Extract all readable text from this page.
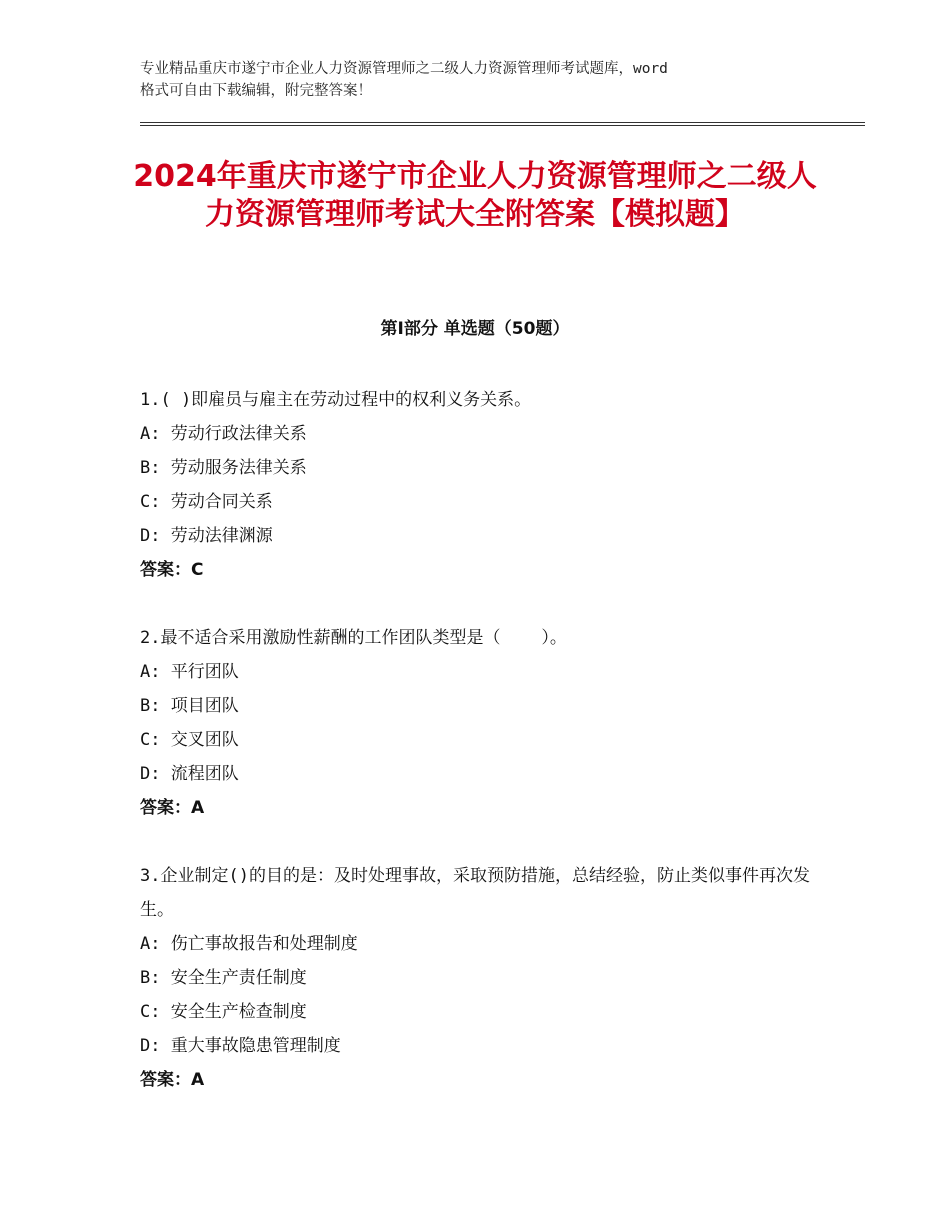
专业精品重庆市遂宁市企业人力资源管理师之二级人力资源管理师考试题库，word
格式可自由下载编辑，附完整答案！
2024年重庆市遂宁市企业人力资源管理师之二级人力资源管理师考试大全附答案【模拟题】
第Ⅰ部分 单选题（50题）
1.( )即雇员与雇主在劳动过程中的权利义务关系。
A: 劳动行政法律关系
B: 劳动服务法律关系
C: 劳动合同关系
D: 劳动法律渊源
答案：C
2.最不适合采用激励性薪酬的工作团队类型是（    ）。
A: 平行团队
B: 项目团队
C: 交叉团队
D: 流程团队
答案：A
3.企业制定()的目的是：及时处理事故，采取预防措施，总结经验，防止类似事件再次发生。
A: 伤亡事故报告和处理制度
B: 安全生产责任制度
C: 安全生产检查制度
D: 重大事故隐患管理制度
答案：A
